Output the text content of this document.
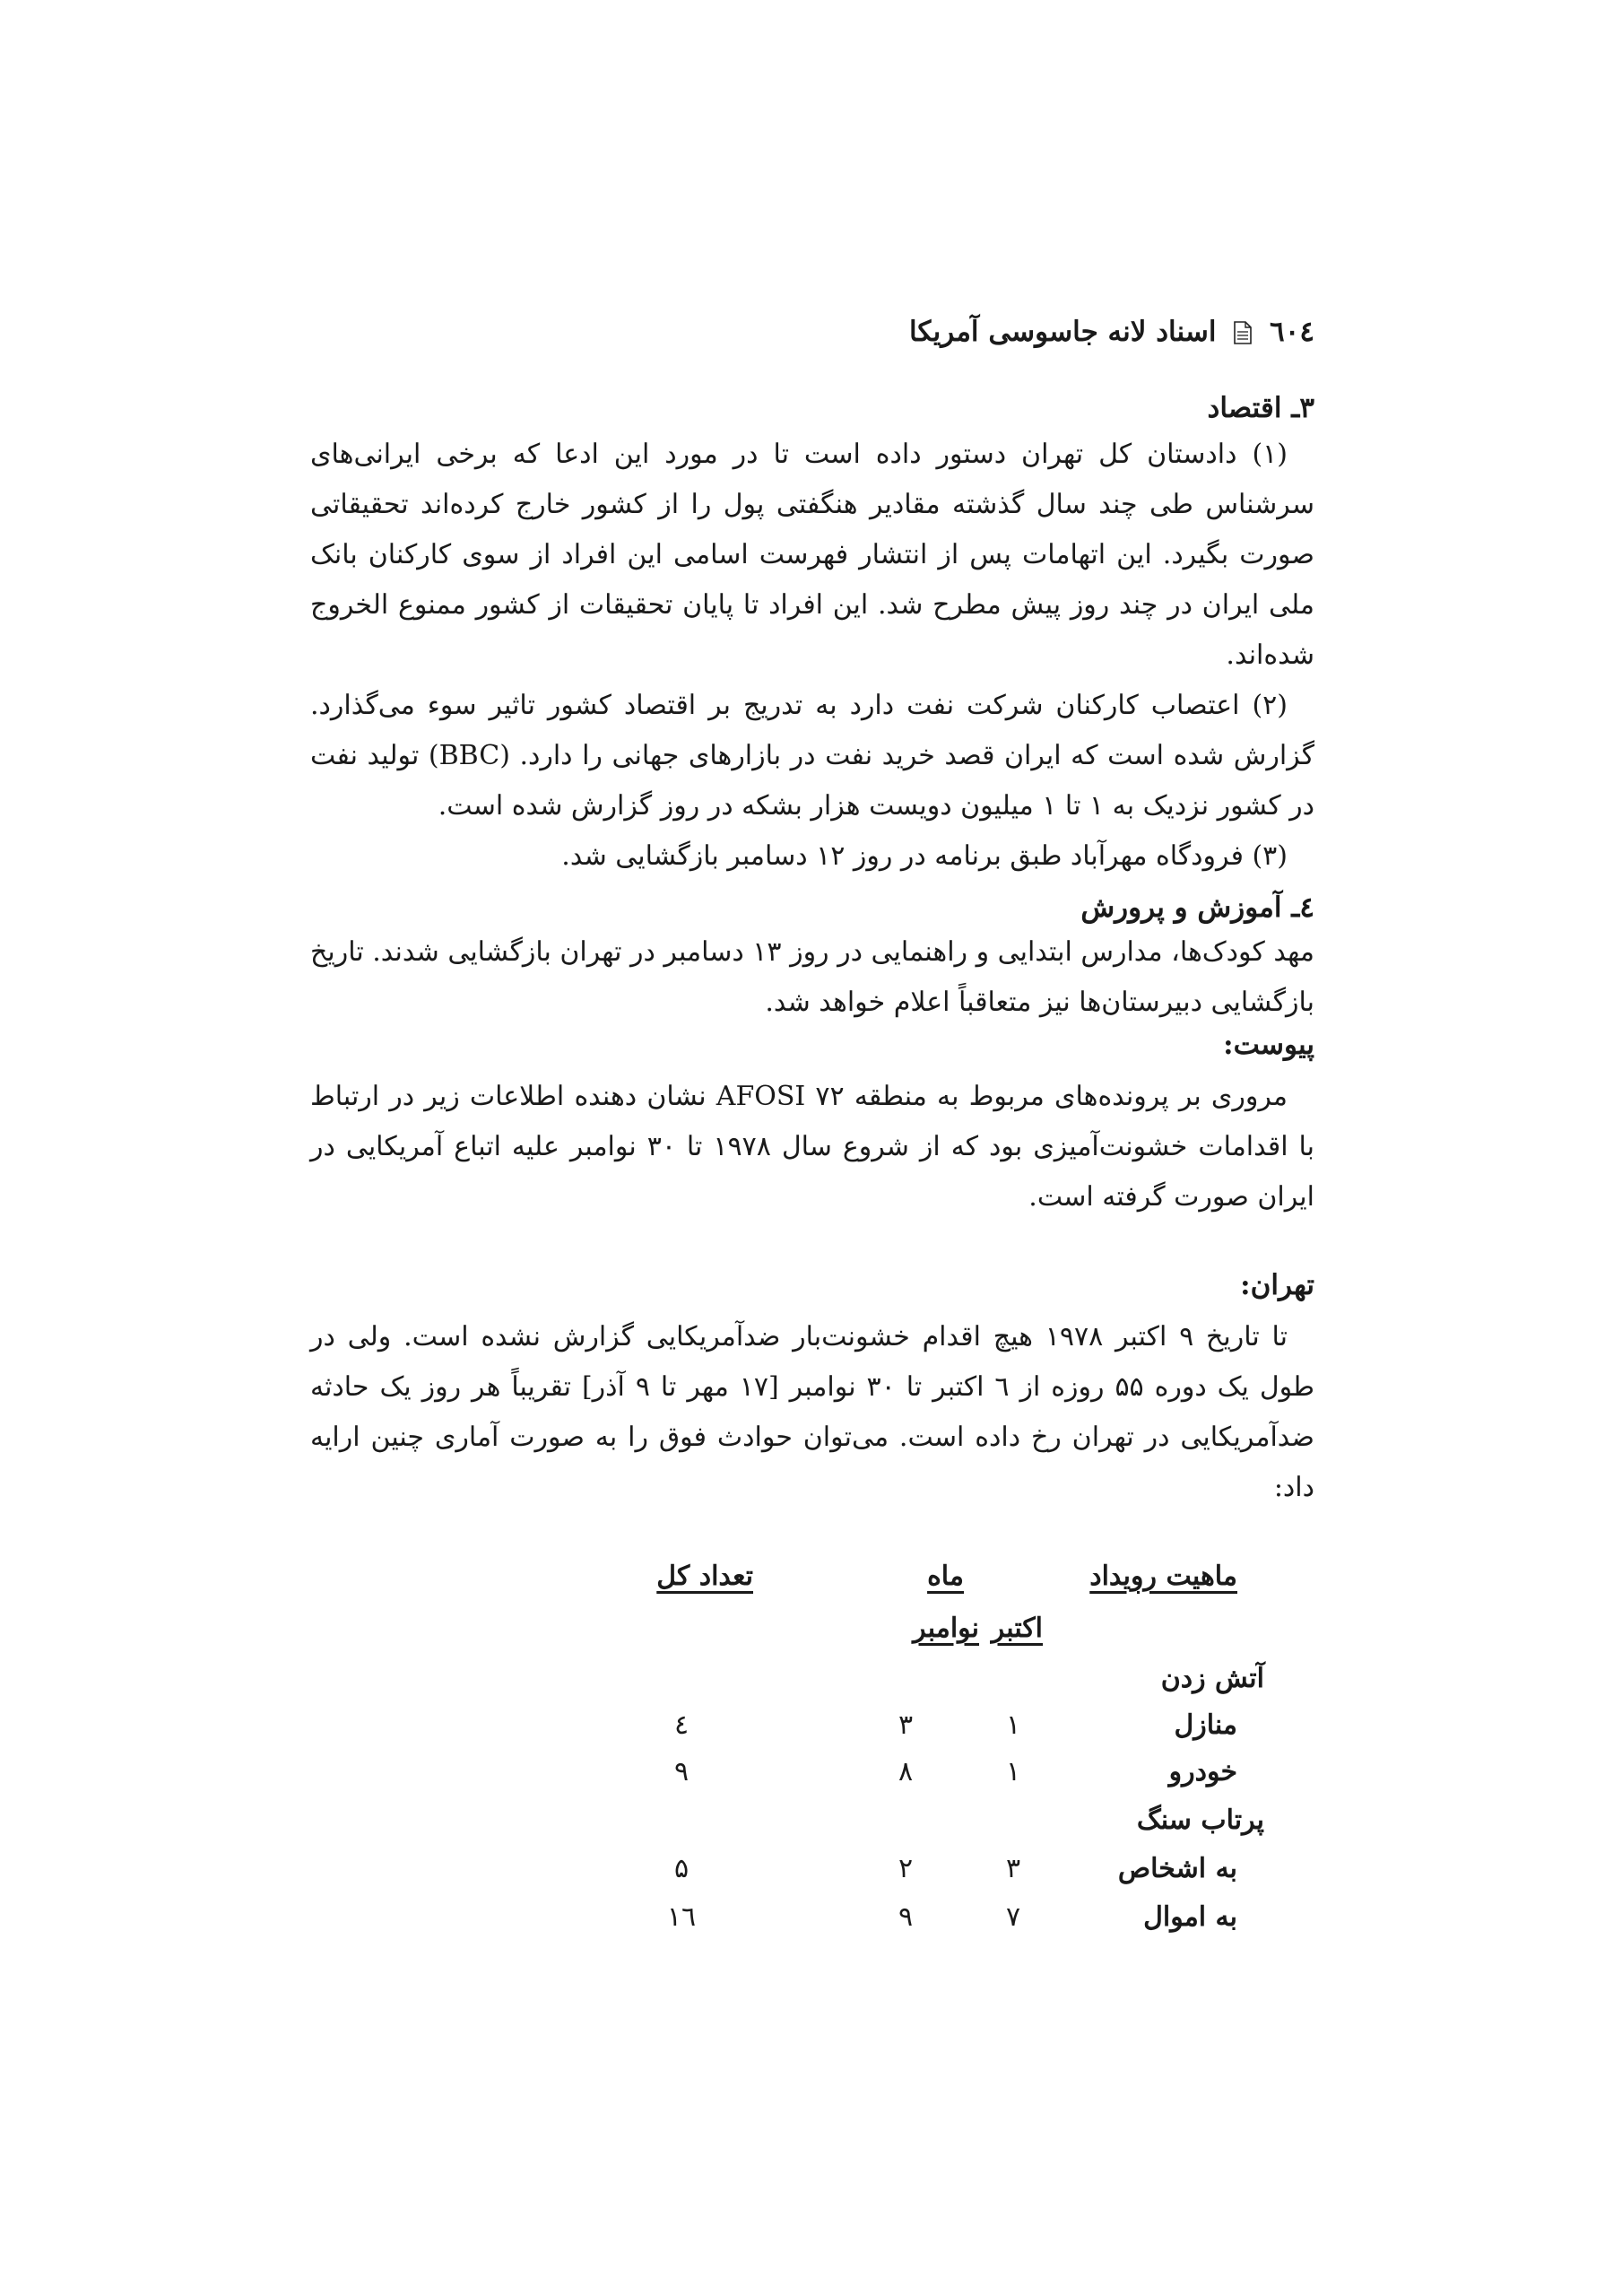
٦٠٤  اسناد لانه جاسوسی آمریکا
۳ـ اقتصاد

(۱) دادستان کل تهران دستور داده است تا در مورد این ادعا که برخی ایرانی‌های سرشناس طی چند سال گذشته مقادیر هنگفتی پول را از کشور خارج کرده‌اند تحقیقاتی صورت بگیرد. این اتهامات پس از انتشار فهرست اسامی این افراد از سوی کارکنان بانک ملی ایران در چند روز پیش مطرح شد. این افراد تا پایان تحقیقات از کشور ممنوع الخروج شده‌اند.

(۲) اعتصاب کارکنان شرکت نفت دارد به تدریج بر اقتصاد کشور تاثیر سوء می‌گذارد. گزارش شده است که ایران قصد خرید نفت در بازارهای جهانی را دارد. (BBC) تولید نفت در کشور نزدیک به ۱ تا ۱ میلیون دویست هزار بشکه در روز گزارش شده است.

(۳) فرودگاه مهرآباد طبق برنامه در روز ۱۲ دسامبر بازگشایی شد.

٤ـ آموزش و پرورش

مهد کودک‌ها، مدارس ابتدایی و راهنمایی در روز ۱۳ دسامبر در تهران بازگشایی شدند. تاریخ بازگشایی دبیرستان‌ها نیز متعاقباً اعلام خواهد شد.

پیوست:

مروری بر پرونده‌های مربوط به منطقه AFOSI ۷۲ نشان دهنده اطلاعات زیر در ارتباط با اقدامات خشونت‌آمیزی بود که از شروع سال ۱۹۷۸ تا ۳۰ نوامبر علیه اتباع آمریکایی در ایران صورت گرفته است.

تهران:

تا تاریخ ۹ اکتبر ۱۹۷۸ هیچ اقدام خشونت‌بار ضدآمریکایی گزارش نشده است. ولی در طول یک دوره ۵۵ روزه از ٦ اکتبر تا ۳۰ نوامبر [۱۷ مهر تا ۹ آذر] تقریباً هر روز یک حادثه ضدآمریکایی در تهران رخ داده است. می‌توان حوادث فوق را به صورت آماری چنین ارایه داد:

ماهیت رویداد
ماه
تعداد کل
اکتبر
نوامبر
آتش زدن
منازل
۱
۳
٤
خودرو
۱
۸
۹
پرتاب سنگ
به اشخاص
۳
۲
۵
به اموال
۷
۹
۱٦
